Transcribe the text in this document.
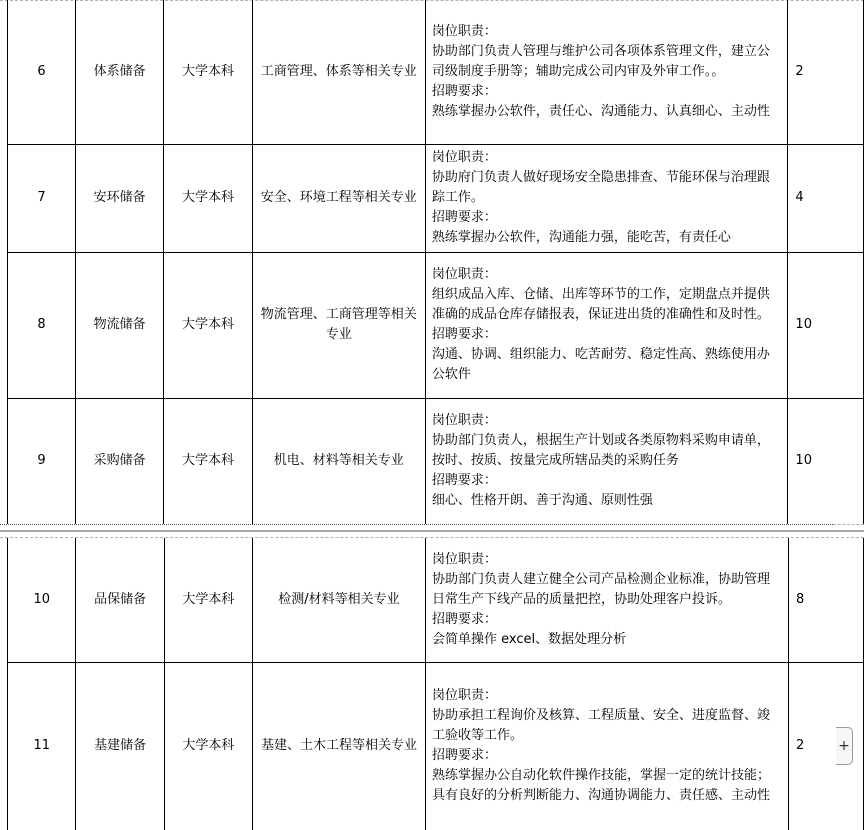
6	体系储备	大学本科	工商管理、体系等相关专业	岗位职责：
协助部门负责人管理与维护公司各项体系管理文件，建立公司级制度手册等；辅助完成公司内审及外审工作。。
招聘要求：
熟练掌握办公软件，责任心、沟通能力、认真细心、主动性	2
7	安环储备	大学本科	安全、环境工程等相关专业	岗位职责：
协助府门负责人做好现场安全隐患排查、节能环保与治理跟踪工作。
招聘要求：
熟练掌握办公软件，沟通能力强，能吃苦，有责任心	4
8	物流储备	大学本科	物流管理、工商管理等相关专业	岗位职责：
组织成品入库、仓储、出库等环节的工作，定期盘点并提供准确的成品仓库存储报表，保证进出货的准确性和及时性。
招聘要求：
沟通、协调、组织能力、吃苦耐劳、稳定性高、熟练使用办公软件	10
9	采购储备	大学本科	机电、材料等相关专业	岗位职责：
协助部门负责人，根据生产计划或各类原物料采购申请单，按时、按质、按量完成所辖品类的采购任务
招聘要求：
细心、性格开朗、善于沟通、原则性强	10
10	品保储备	大学本科	检测/材料等相关专业	岗位职责：
协助部门负责人建立健全公司产品检测企业标准，协助管理日常生产下线产品的质量把控，协助处理客户投诉。
招聘要求：
会简单操作 excel、数据处理分析	8
11	基建储备	大学本科	基建、土木工程等相关专业	岗位职责：
协助承担工程询价及核算、工程质量、安全、进度监督、竣工验收等工作。
招聘要求：
熟练掌握办公自动化软件操作技能，掌握一定的统计技能；
具有良好的分析判断能力、沟通协调能力、责任感、主动性	2 +
